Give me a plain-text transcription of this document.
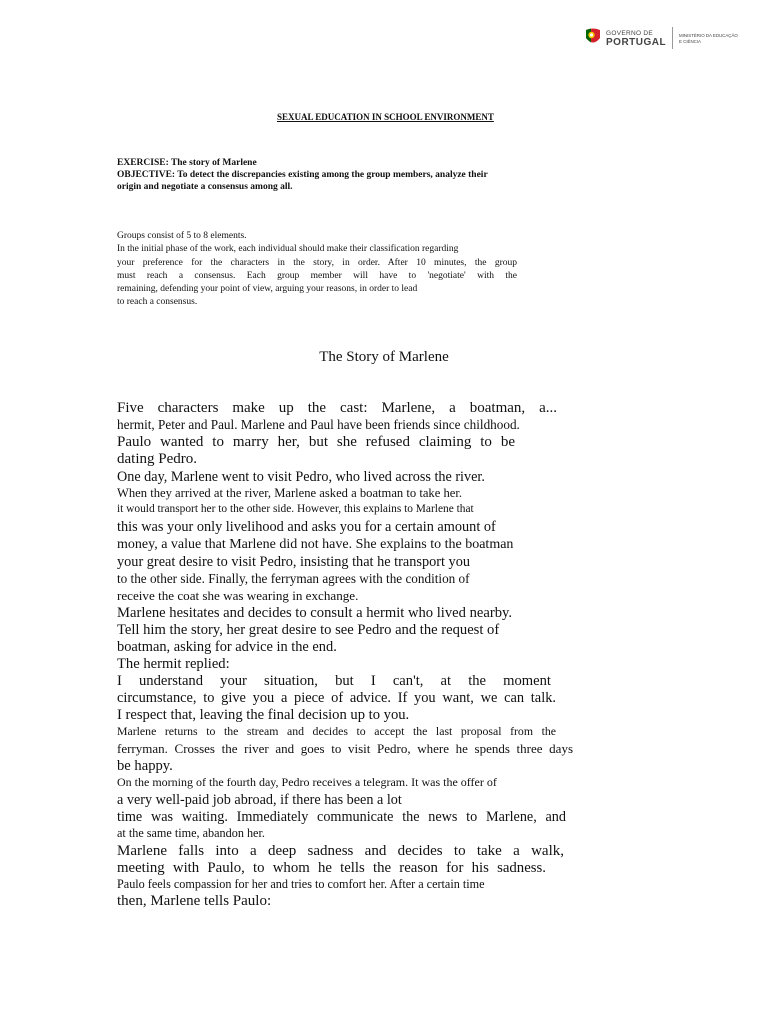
GOVERNO DE
PORTUGAL
MINISTÉRIO DA EDUCAÇÃO
E CIÊNCIA
SEXUAL EDUCATION IN SCHOOL ENVIRONMENT
EXERCISE: The story of Marlene
OBJECTIVE: To detect the discrepancies existing among the group members, analyze their
origin and negotiate a consensus among all.
Groups consist of 5 to 8 elements.
In the initial phase of the work, each individual should make their classification regarding
your preference for the characters in the story, in order. After 10 minutes, the group
must reach a consensus. Each group member will have to 'negotiate' with the
remaining, defending your point of view, arguing your reasons, in order to lead
to reach a consensus.
The Story of Marlene
Five characters make up the cast: Marlene, a boatman, a...
hermit, Peter and Paul. Marlene and Paul have been friends since childhood.
Paulo wanted to marry her, but she refused claiming to be
dating Pedro.
One day, Marlene went to visit Pedro, who lived across the river.
When they arrived at the river, Marlene asked a boatman to take her.
it would transport her to the other side. However, this explains to Marlene that
this was your only livelihood and asks you for a certain amount of
money, a value that Marlene did not have. She explains to the boatman
your great desire to visit Pedro, insisting that he transport you
to the other side. Finally, the ferryman agrees with the condition of
receive the coat she was wearing in exchange.
Marlene hesitates and decides to consult a hermit who lived nearby.
Tell him the story, her great desire to see Pedro and the request of
boatman, asking for advice in the end.
The hermit replied:
I understand your situation, but I can't, at the moment
circumstance, to give you a piece of advice. If you want, we can talk.
I respect that, leaving the final decision up to you.
Marlene returns to the stream and decides to accept the last proposal from the
ferryman. Crosses the river and goes to visit Pedro, where he spends three days
be happy.
On the morning of the fourth day, Pedro receives a telegram. It was the offer of
a very well-paid job abroad, if there has been a lot
time was waiting. Immediately communicate the news to Marlene, and
at the same time, abandon her.
Marlene falls into a deep sadness and decides to take a walk,
meeting with Paulo, to whom he tells the reason for his sadness.
Paulo feels compassion for her and tries to comfort her. After a certain time
then, Marlene tells Paulo:
